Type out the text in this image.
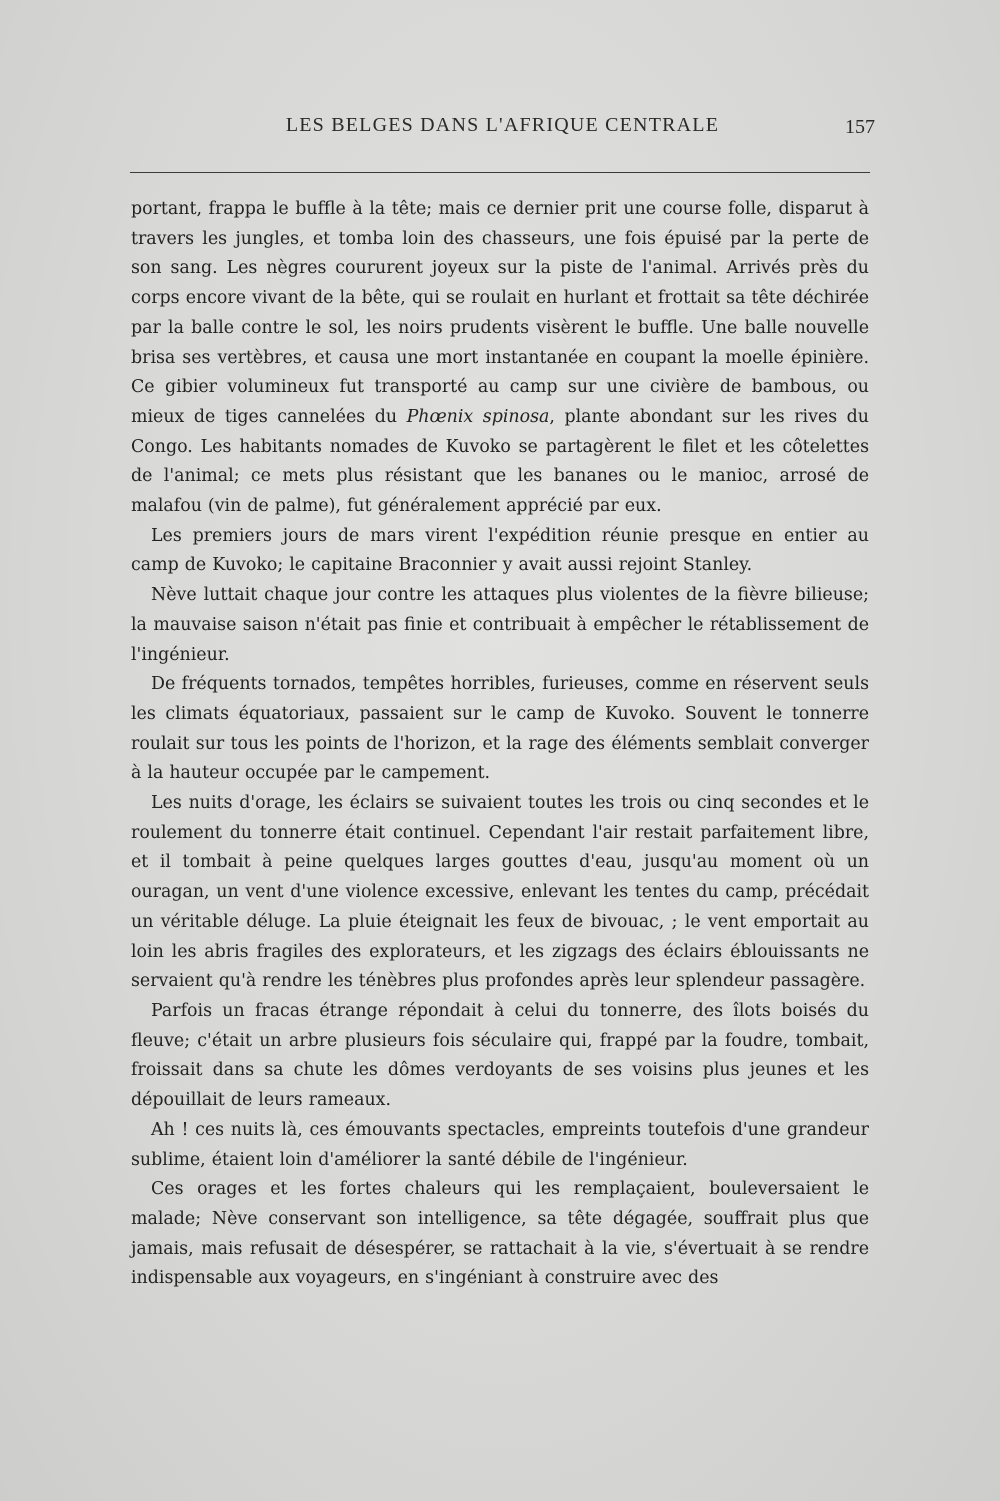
LES BELGES DANS L'AFRIQUE CENTRALE	157

portant, frappa le buffle à la tête; mais ce dernier prit une course folle, disparut à travers les jungles, et tomba loin des chasseurs, une fois épuisé par la perte de son sang. Les nègres coururent joyeux sur la piste de l'animal. Arrivés près du corps encore vivant de la bête, qui se roulait en hurlant et frottait sa tête déchirée par la balle contre le sol, les noirs prudents visèrent le buffle. Une balle nouvelle brisa ses vertèbres, et causa une mort instantanée en coupant la moelle épinière. Ce gibier volumineux fut transporté au camp sur une civière de bambous, ou mieux de tiges cannelées du Phœnix spinosa, plante abondant sur les rives du Congo. Les habitants nomades de Kuvoko se partagèrent le filet et les côtelettes de l'animal; ce mets plus résistant que les bananes ou le manioc, arrosé de malafou (vin de palme), fut généralement apprécié par eux.

Les premiers jours de mars virent l'expédition réunie presque en entier au camp de Kuvoko; le capitaine Braconnier y avait aussi rejoint Stanley.

Nève luttait chaque jour contre les attaques plus violentes de la fièvre bilieuse; la mauvaise saison n'était pas finie et contribuait à empêcher le rétablissement de l'ingénieur.

De fréquents tornados, tempêtes horribles, furieuses, comme en réservent seuls les climats équatoriaux, passaient sur le camp de Kuvoko. Souvent le tonnerre roulait sur tous les points de l'horizon, et la rage des éléments semblait converger à la hauteur occupée par le campement.

Les nuits d'orage, les éclairs se suivaient toutes les trois ou cinq secondes et le roulement du tonnerre était continuel. Cependant l'air restait parfaitement libre, et il tombait à peine quelques larges gouttes d'eau, jusqu'au moment où un ouragan, un vent d'une violence excessive, enlevant les tentes du camp, précédait un véritable déluge. La pluie éteignait les feux de bivouac, ; le vent emportait au loin les abris fragiles des explorateurs, et les zigzags des éclairs éblouissants ne servaient qu'à rendre les ténèbres plus profondes après leur splendeur passagère.

Parfois un fracas étrange répondait à celui du tonnerre, des îlots boisés du fleuve; c'était un arbre plusieurs fois séculaire qui, frappé par la foudre, tombait, froissait dans sa chute les dômes verdoyants de ses voisins plus jeunes et les dépouillait de leurs rameaux.

Ah ! ces nuits là, ces émouvants spectacles, empreints toutefois d'une grandeur sublime, étaient loin d'améliorer la santé débile de l'ingénieur.

Ces orages et les fortes chaleurs qui les remplaçaient, bouleversaient le malade; Nève conservant son intelligence, sa tête dégagée, souffrait plus que jamais, mais refusait de désespérer, se rattachait à la vie, s'évertuait à se rendre indispensable aux voyageurs, en s'ingéniant à construire avec des
